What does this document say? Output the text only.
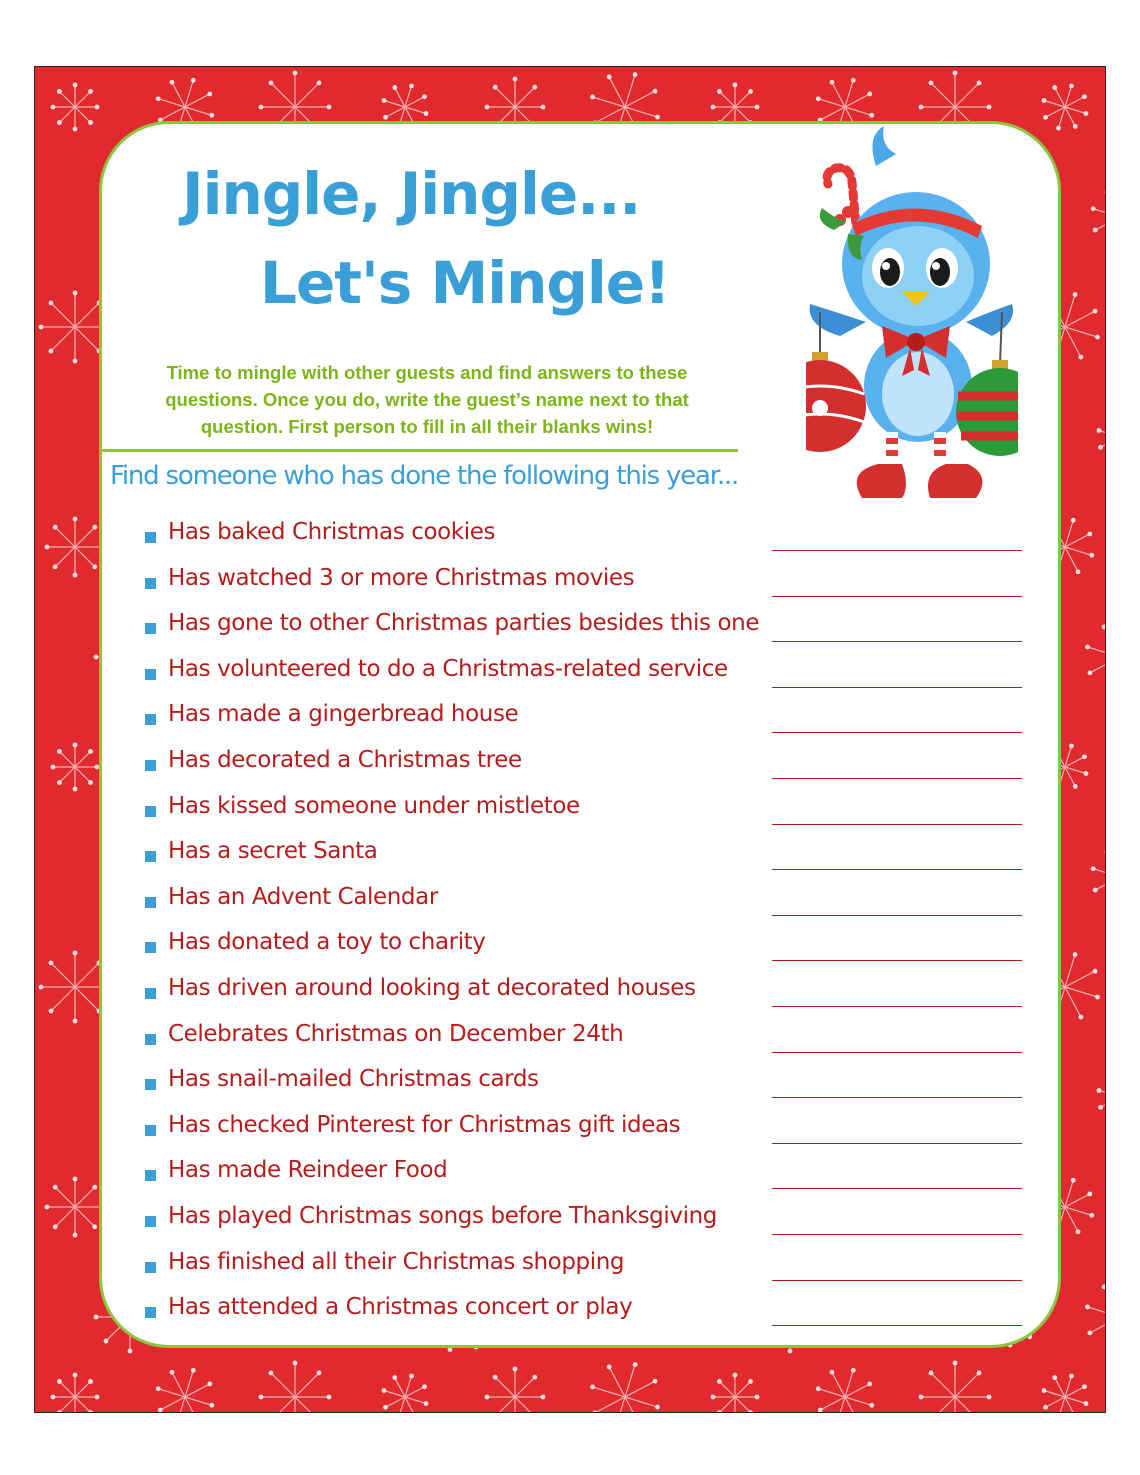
Jingle, Jingle...
Let's Mingle!

Time to mingle with other guests and find answers to these questions. Once you do, write the guest’s name next to that question. First person to fill in all their blanks wins!

Find someone who has done the following this year...

Has baked Christmas cookies
Has watched 3 or more Christmas movies
Has gone to other Christmas parties besides this one
Has volunteered to do a Christmas-related service
Has made a gingerbread house
Has decorated a Christmas tree
Has kissed someone under mistletoe
Has a secret Santa
Has an Advent Calendar
Has donated a toy to charity
Has driven around looking at decorated houses
Celebrates Christmas on December 24th
Has snail-mailed Christmas cards
Has checked Pinterest for Christmas gift ideas
Has made Reindeer Food
Has played Christmas songs before Thanksgiving
Has finished all their Christmas shopping
Has attended a Christmas concert or play
